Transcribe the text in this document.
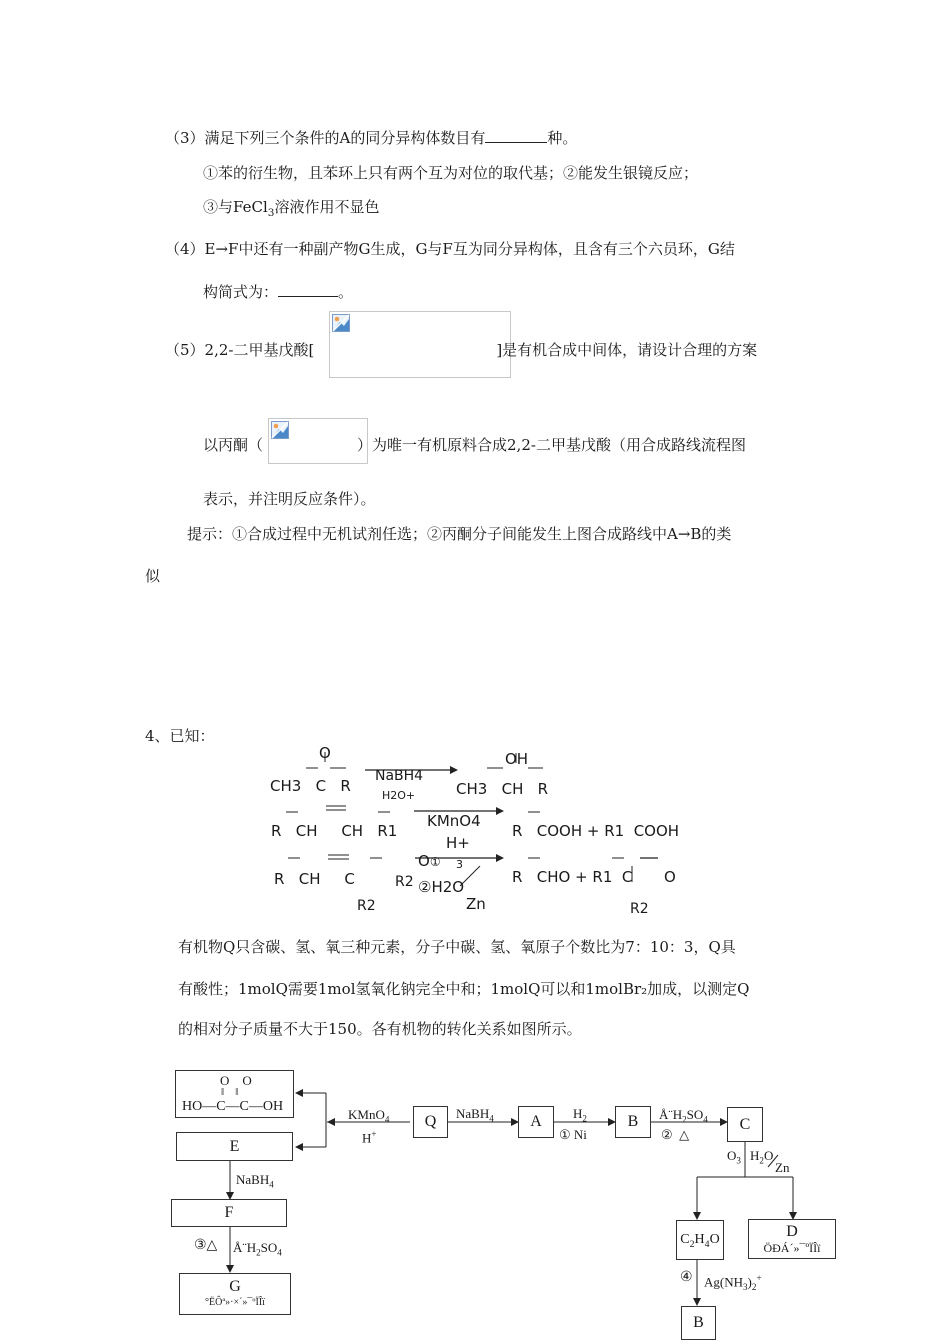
（3）满足下列三个条件的A的同分异构体数目有	种。
①苯的衍生物，且苯环上只有两个互为对位的取代基；②能发生银镜反应；
③与FeCl$_3$溶液作用不显色
（4）E→F中还有一种副产物G生成，G与F互为同分异构体，且含有三个六员环，G结
构简式为：	。
（5）2,2-二甲基戊酸[	]是有机合成中间体，请设计合理的方案
以丙酮（	）为唯一有机原料合成2,2-二甲基戊酸（用合成路线流程图
表示，并注明反应条件）。
提示：①合成过程中无机试剂任选；②丙酮分子间能发生上图合成路线中A→B的类
似
4、已知：
O
CH3   C   R
NaBH4
H2O+
OH
CH3   CH   R
R   CH     CH   R1
KMnO4
H+
R   COOH + R1  COOH
R   CH     C	R2
R2
O① 3
②H2O
Zn
R   CHO + R1  C O
R2
有机物Q只含碳、氢、氧三种元素，分子中碳、氢、氧原子个数比为7：10：3，Q具
有酸性；1molQ需要1mol氢氧化钠完全中和；1molQ可以和1molBr₂加成，以测定Q
的相对分子质量不大于150。各有机物的转化关系如图所示。
O    O
‖    ‖
HO—C—C—OH
E
F
G
°ËÔª»·×´»¯ºÏÎï
Q	A	B	C
$C_2H_4O$	D
ÖÐÁ´»¯ºÏÎï
B
KMnO$_4$
H+
NaBH$_4$	$H_2$
① Ni
$Å¨H_2SO_4$
②  △
$O_3$ $H_2O$
Zn
NaBH$_4$
③△ $Å¨H_2SO_4$
④ $Ag(NH_3)_2^+$
